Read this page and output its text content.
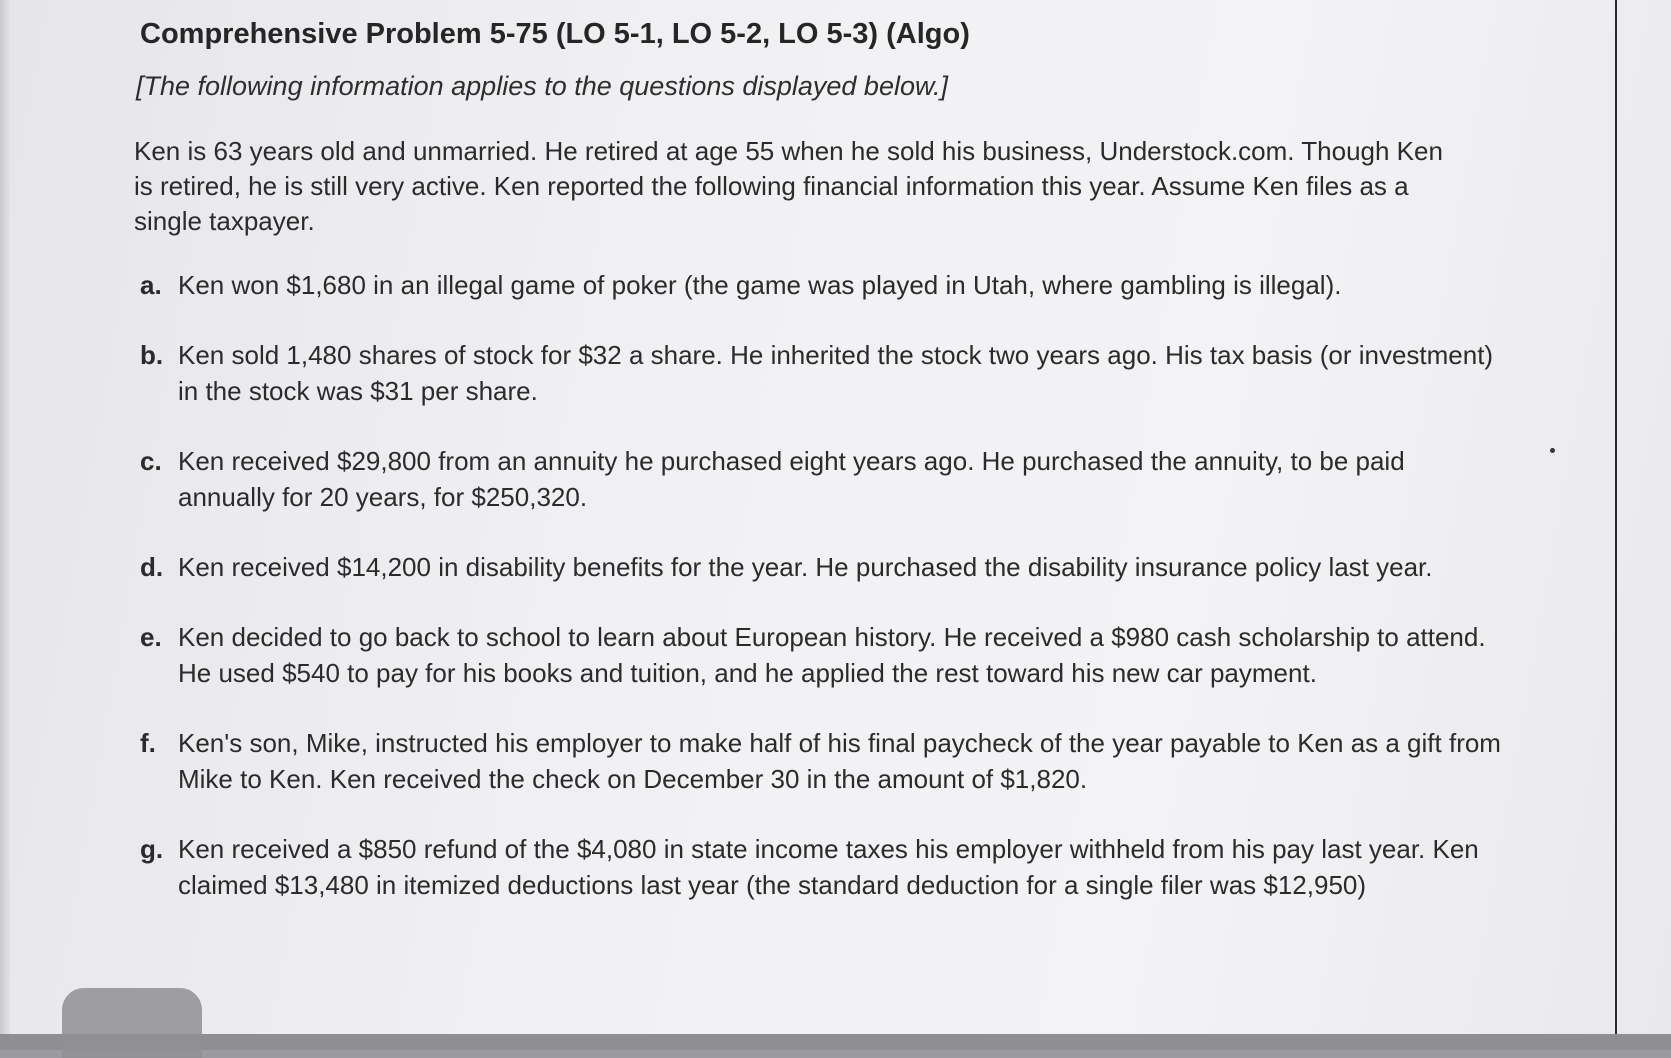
Comprehensive Problem 5-75 (LO 5-1, LO 5-2, LO 5-3) (Algo)

[The following information applies to the questions displayed below.]

Ken is 63 years old and unmarried. He retired at age 55 when he sold his business, Understock.com. Though Ken is retired, he is still very active. Ken reported the following financial information this year. Assume Ken files as a single taxpayer.

a. Ken won $1,680 in an illegal game of poker (the game was played in Utah, where gambling is illegal).
b. Ken sold 1,480 shares of stock for $32 a share. He inherited the stock two years ago. His tax basis (or investment) in the stock was $31 per share.
c. Ken received $29,800 from an annuity he purchased eight years ago. He purchased the annuity, to be paid annually for 20 years, for $250,320.
d. Ken received $14,200 in disability benefits for the year. He purchased the disability insurance policy last year.
e. Ken decided to go back to school to learn about European history. He received a $980 cash scholarship to attend. He used $540 to pay for his books and tuition, and he applied the rest toward his new car payment.
f. Ken's son, Mike, instructed his employer to make half of his final paycheck of the year payable to Ken as a gift from Mike to Ken. Ken received the check on December 30 in the amount of $1,820.
g. Ken received a $850 refund of the $4,080 in state income taxes his employer withheld from his pay last year. Ken claimed $13,480 in itemized deductions last year (the standard deduction for a single filer was $12,950)
